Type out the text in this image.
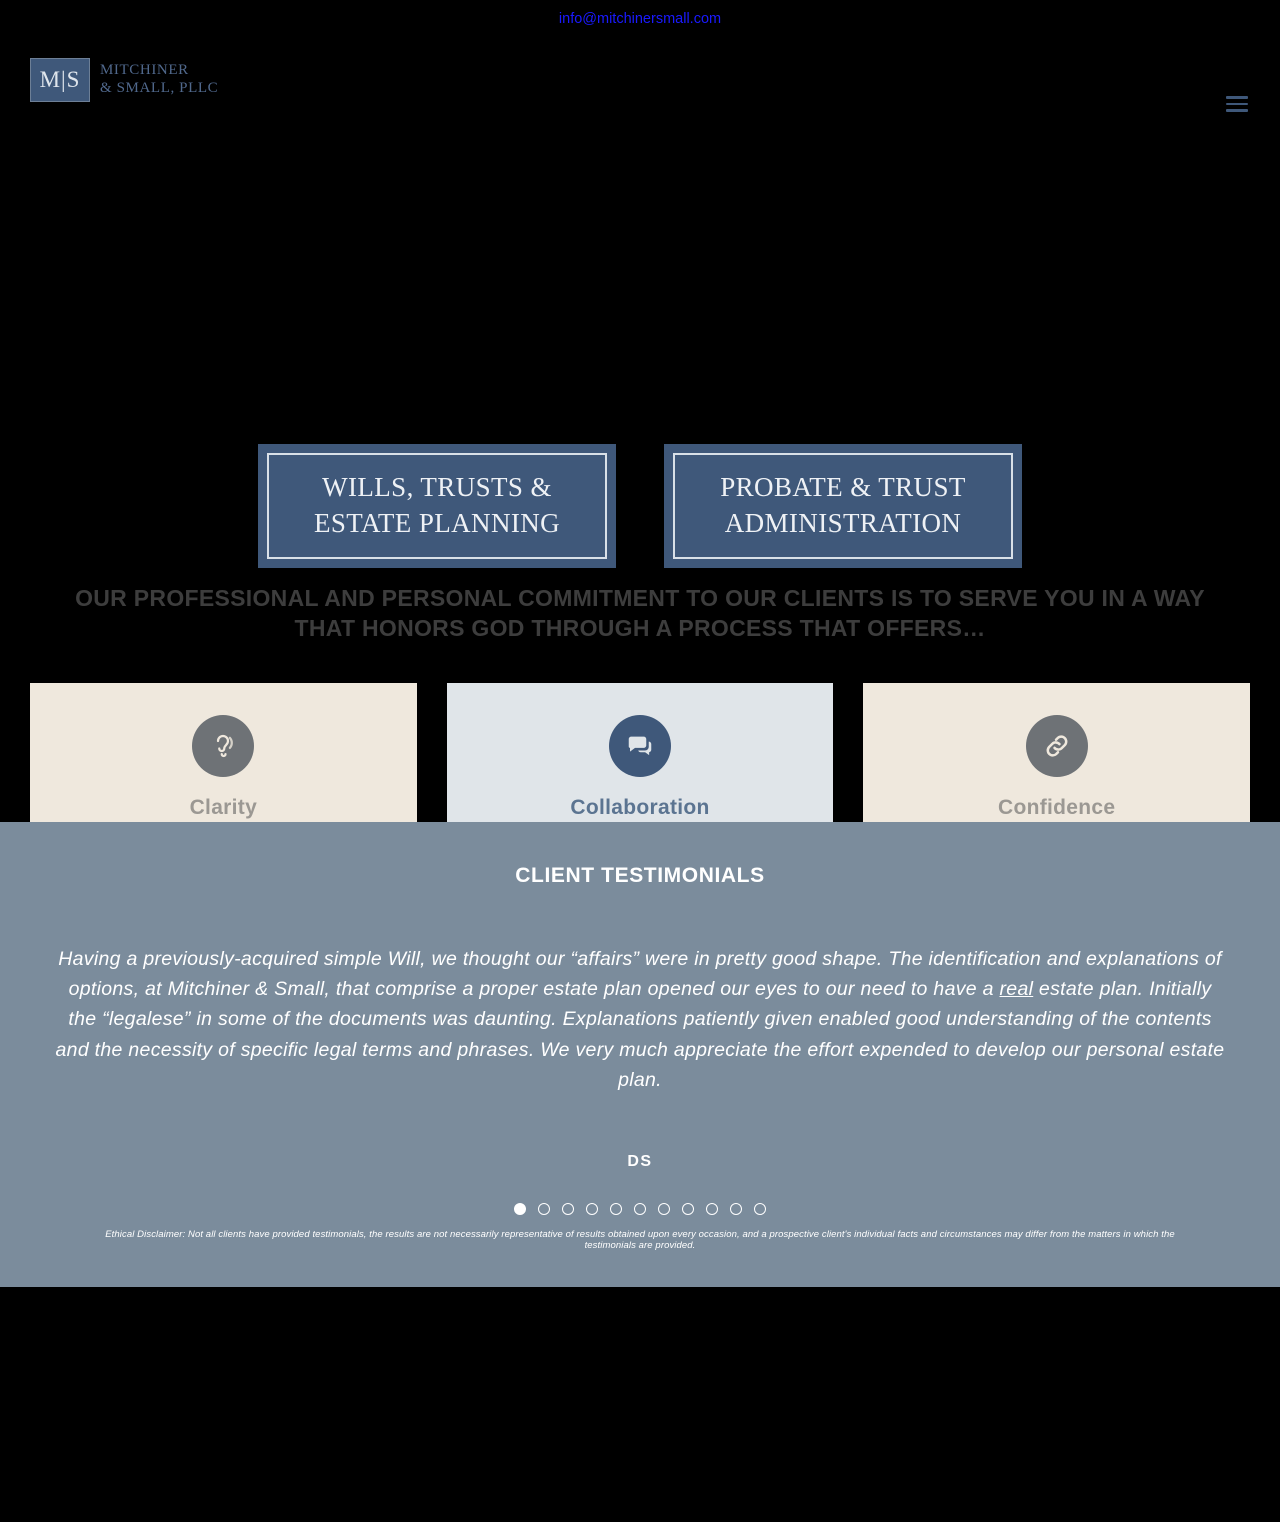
info@mitchinersmall.com
M|S	MITCHINER
& SMALL, PLLC
WILLS, TRUSTS &
ESTATE PLANNING
PROBATE & TRUST
ADMINISTRATION
OUR PROFESSIONAL AND PERSONAL COMMITMENT TO OUR CLIENTS IS TO SERVE YOU IN A WAY THAT HONORS GOD THROUGH A PROCESS THAT OFFERS…
Clarity	Collaboration	Confidence
CLIENT TESTIMONIALS
Having a previously-acquired simple Will, we thought our “affairs” were in pretty good shape. The identification and explanations of options, at Mitchiner & Small, that comprise a proper estate plan opened our eyes to our need to have a real estate plan. Initially the “legalese” in some of the documents was daunting. Explanations patiently given enabled good understanding of the contents and the necessity of specific legal terms and phrases. We very much appreciate the effort expended to develop our personal estate plan.
DS
Ethical Disclaimer: Not all clients have provided testimonials, the results are not necessarily representative of results obtained upon every occasion, and a prospective client's individual facts and circumstances may differ from the matters in which the testimonials are provided.
